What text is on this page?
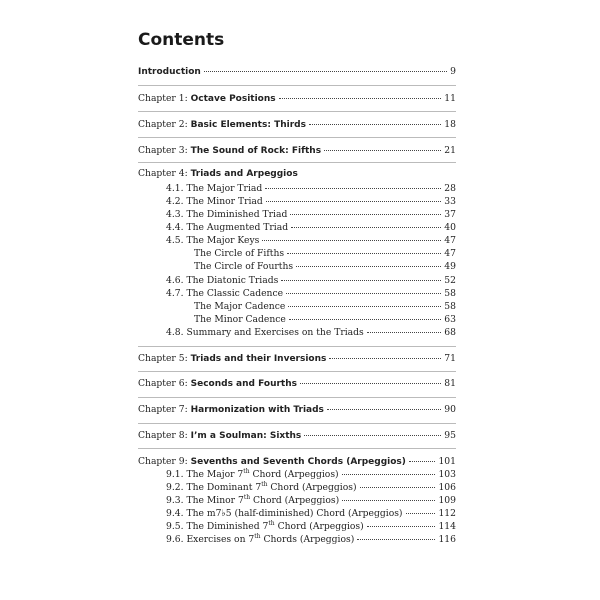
Contents
Introduction	9
Chapter 1: Octave Positions	11
Chapter 2: Basic Elements: Thirds	18
Chapter 3: The Sound of Rock: Fifths	21
Chapter 4: Triads and Arpeggios
4.1. The Major Triad	28
4.2. The Minor Triad	33
4.3. The Diminished Triad	37
4.4. The Augmented Triad	40
4.5. The Major Keys	47
The Circle of Fifths	47
The Circle of Fourths	49
4.6. The Diatonic Triads	52
4.7. The Classic Cadence	58
The Major Cadence	58
The Minor Cadence	63
4.8. Summary and Exercises on the Triads	68
Chapter 5: Triads and their Inversions	71
Chapter 6: Seconds and Fourths	81
Chapter 7: Harmonization with Triads	90
Chapter 8: I’m a Soulman: Sixths	95
Chapter 9: Sevenths and Seventh Chords (Arpeggios)	101
9.1. The Major 7th Chord (Arpeggios)	103
9.2. The Dominant 7th Chord (Arpeggios)	106
9.3. The Minor 7th Chord (Arpeggios)	109
9.4. The m7♭5 (half-diminished) Chord (Arpeggios)	112
9.5. The Diminished 7th Chord (Arpeggios)	114
9.6. Exercises on 7th Chords (Arpeggios)	116
